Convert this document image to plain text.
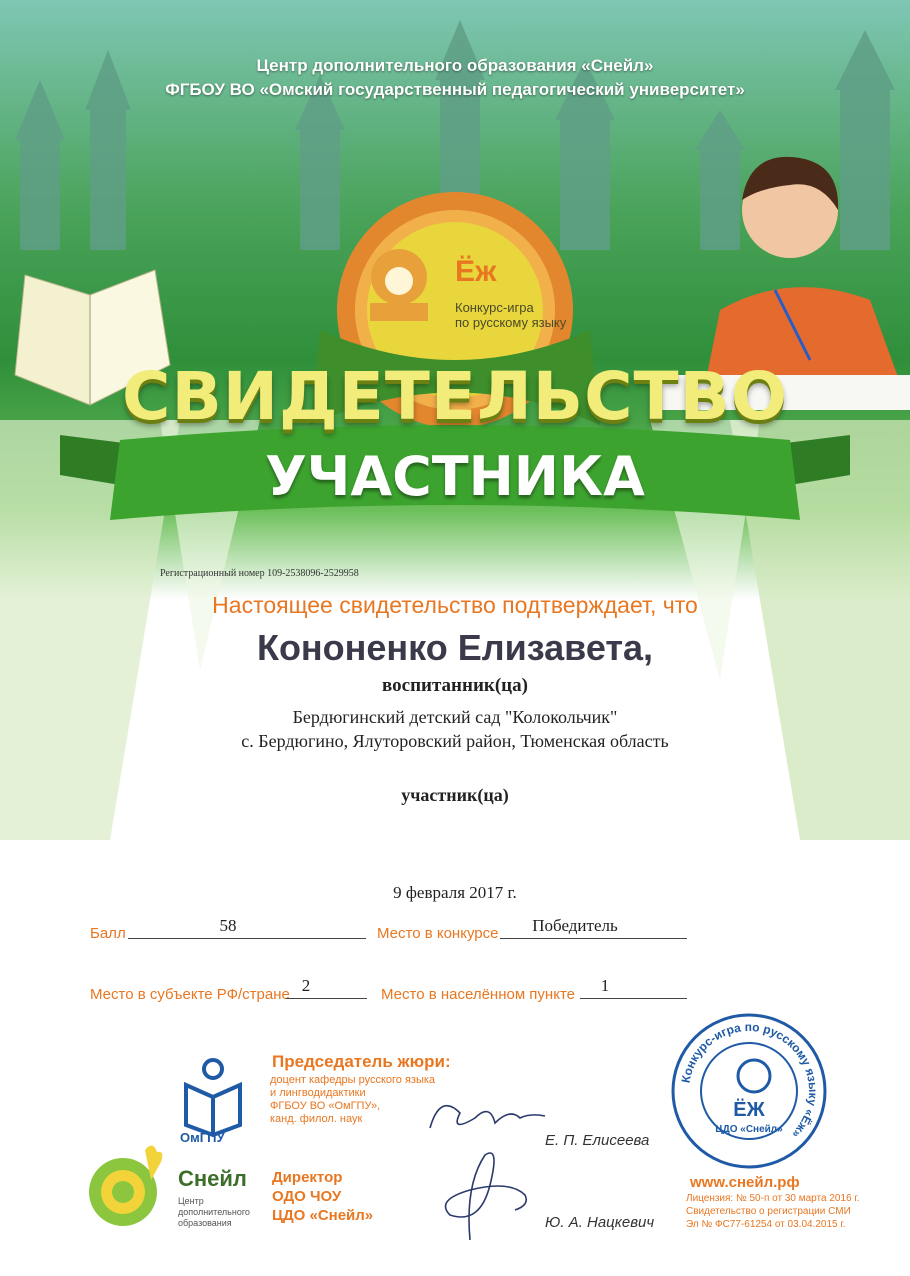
Центр дополнительного образования «Снейл»
ФГБОУ ВО «Омский государственный педагогический университет»
Ёж
Конкурс-игра
по русскому языку
СВИДЕТЕЛЬСТВО
УЧАСТНИКА
Регистрационный номер 109-2538096-2529958
Настоящее свидетельство подтверждает, что
Кононенко Елизавета,
воспитанник(ца)
Бердюгинский детский сад "Колокольчик"
с. Бердюгино, Ялуторовский район, Тюменская область
участник(ца)
9 февраля 2017 г.
Балл	58	Место в конкурсе	Победитель
Место в субъекте РФ/стране 2	Место в населённом пункте	1
ОмГПУ
Снейл
Центр
дополнительного
образования
Председатель жюри:
доцент кафедры русского языка
и лингводидактики
ФГБОУ ВО «ОмГПУ»,
канд. филол. наук
Директор
ОДО ЧОУ
ЦДО «Снейл»
Е. П. Елисеева
Ю. А. Нацкевич
Конкурс-игра по русскому языку «Ёж»
ЁЖ
ЦДО «Снейл»
www.снейл.рф
Лицензия: № 50-п от 30 марта 2016 г.
Свидетельство о регистрации СМИ
Эл № ФС77-61254 от 03.04.2015 г.
